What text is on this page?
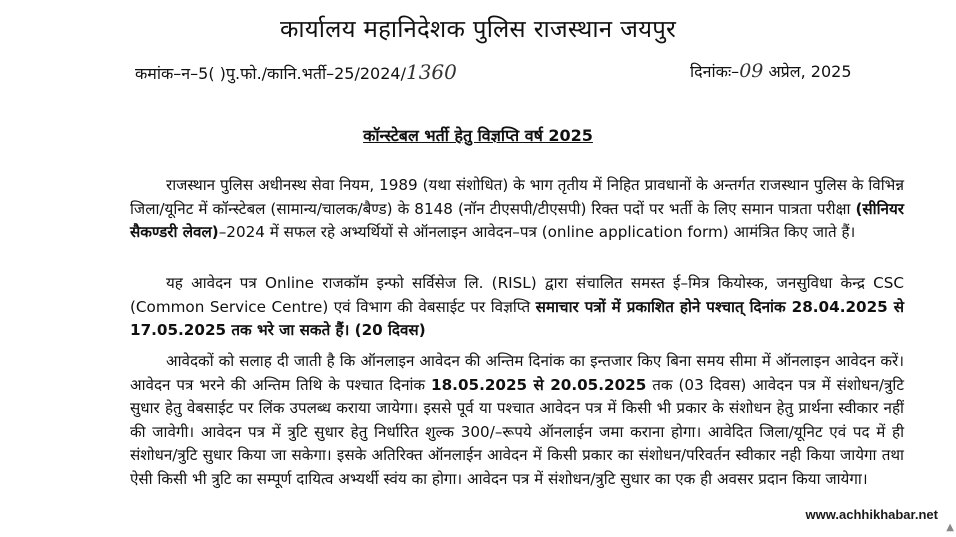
कार्यालय महानिदेशक पुलिस राजस्थान जयपुर
कमांक–न–5( )पु.फो./कानि.भर्ती–25/2024/1360	दिनांकः–09 अप्रेल, 2025
कॉन्स्टेबल भर्ती हेतु विज्ञप्ति वर्ष 2025

राजस्थान पुलिस अधीनस्थ सेवा नियम, 1989 (यथा संशोधित) के भाग तृतीय में निहित प्रावधानों के अन्तर्गत राजस्थान पुलिस के विभिन्न जिला/यूनिट में कॉन्स्टेबल (सामान्य/चालक/बैण्ड) के 8148 (नॉन टीएसपी/टीएसपी) रिक्त पदों पर भर्ती के लिए समान पात्रता परीक्षा (सीनियर सैकण्डरी लेवल)–2024 में सफल रहे अभ्यर्थियों से ऑनलाइन आवेदन–पत्र (online application form) आमंत्रित किए जाते हैं।

यह आवेदन पत्र Online राजकॉम इन्फो सर्विसेज लि. (RISL) द्वारा संचालित समस्त ई–मित्र कियोस्क, जनसुविधा केन्द्र CSC (Common Service Centre) एवं विभाग की वेबसाईट पर विज्ञप्ति समाचार पत्रों में प्रकाशित होने पश्चात् दिनांक 28.04.2025 से 17.05.2025 तक भरे जा सकते हैं। (20 दिवस)

आवेदकों को सलाह दी जाती है कि ऑनलाइन आवेदन की अन्तिम दिनांक का इन्तजार किए बिना समय सीमा में ऑनलाइन आवेदन करें। आवेदन पत्र भरने की अन्तिम तिथि के पश्चात दिनांक 18.05.2025 से 20.05.2025 तक (03 दिवस) आवेदन पत्र में संशोधन/त्रुटि सुधार हेतु वेबसाईट पर लिंक उपलब्ध कराया जायेगा। इससे पूर्व या पश्चात आवेदन पत्र में किसी भी प्रकार के संशोधन हेतु प्रार्थना स्वीकार नहीं की जावेगी। आवेदन पत्र में त्रुटि सुधार हेतु निर्धारित शुल्क 300/–रूपये ऑनलाईन जमा कराना होगा। आवेदित जिला/यूनिट एवं पद में ही संशोधन/त्रुटि सुधार किया जा सकेगा। इसके अतिरिक्त ऑनलाईन आवेदन में किसी प्रकार का संशोधन/परिवर्तन स्वीकार नही किया जायेगा तथा ऐसी किसी भी त्रुटि का सम्पूर्ण दायित्व अभ्यर्थी स्वंय का होगा। आवेदन पत्र में संशोधन/त्रुटि सुधार का एक ही अवसर प्रदान किया जायेगा।

www.achhikhabar.net
▲
